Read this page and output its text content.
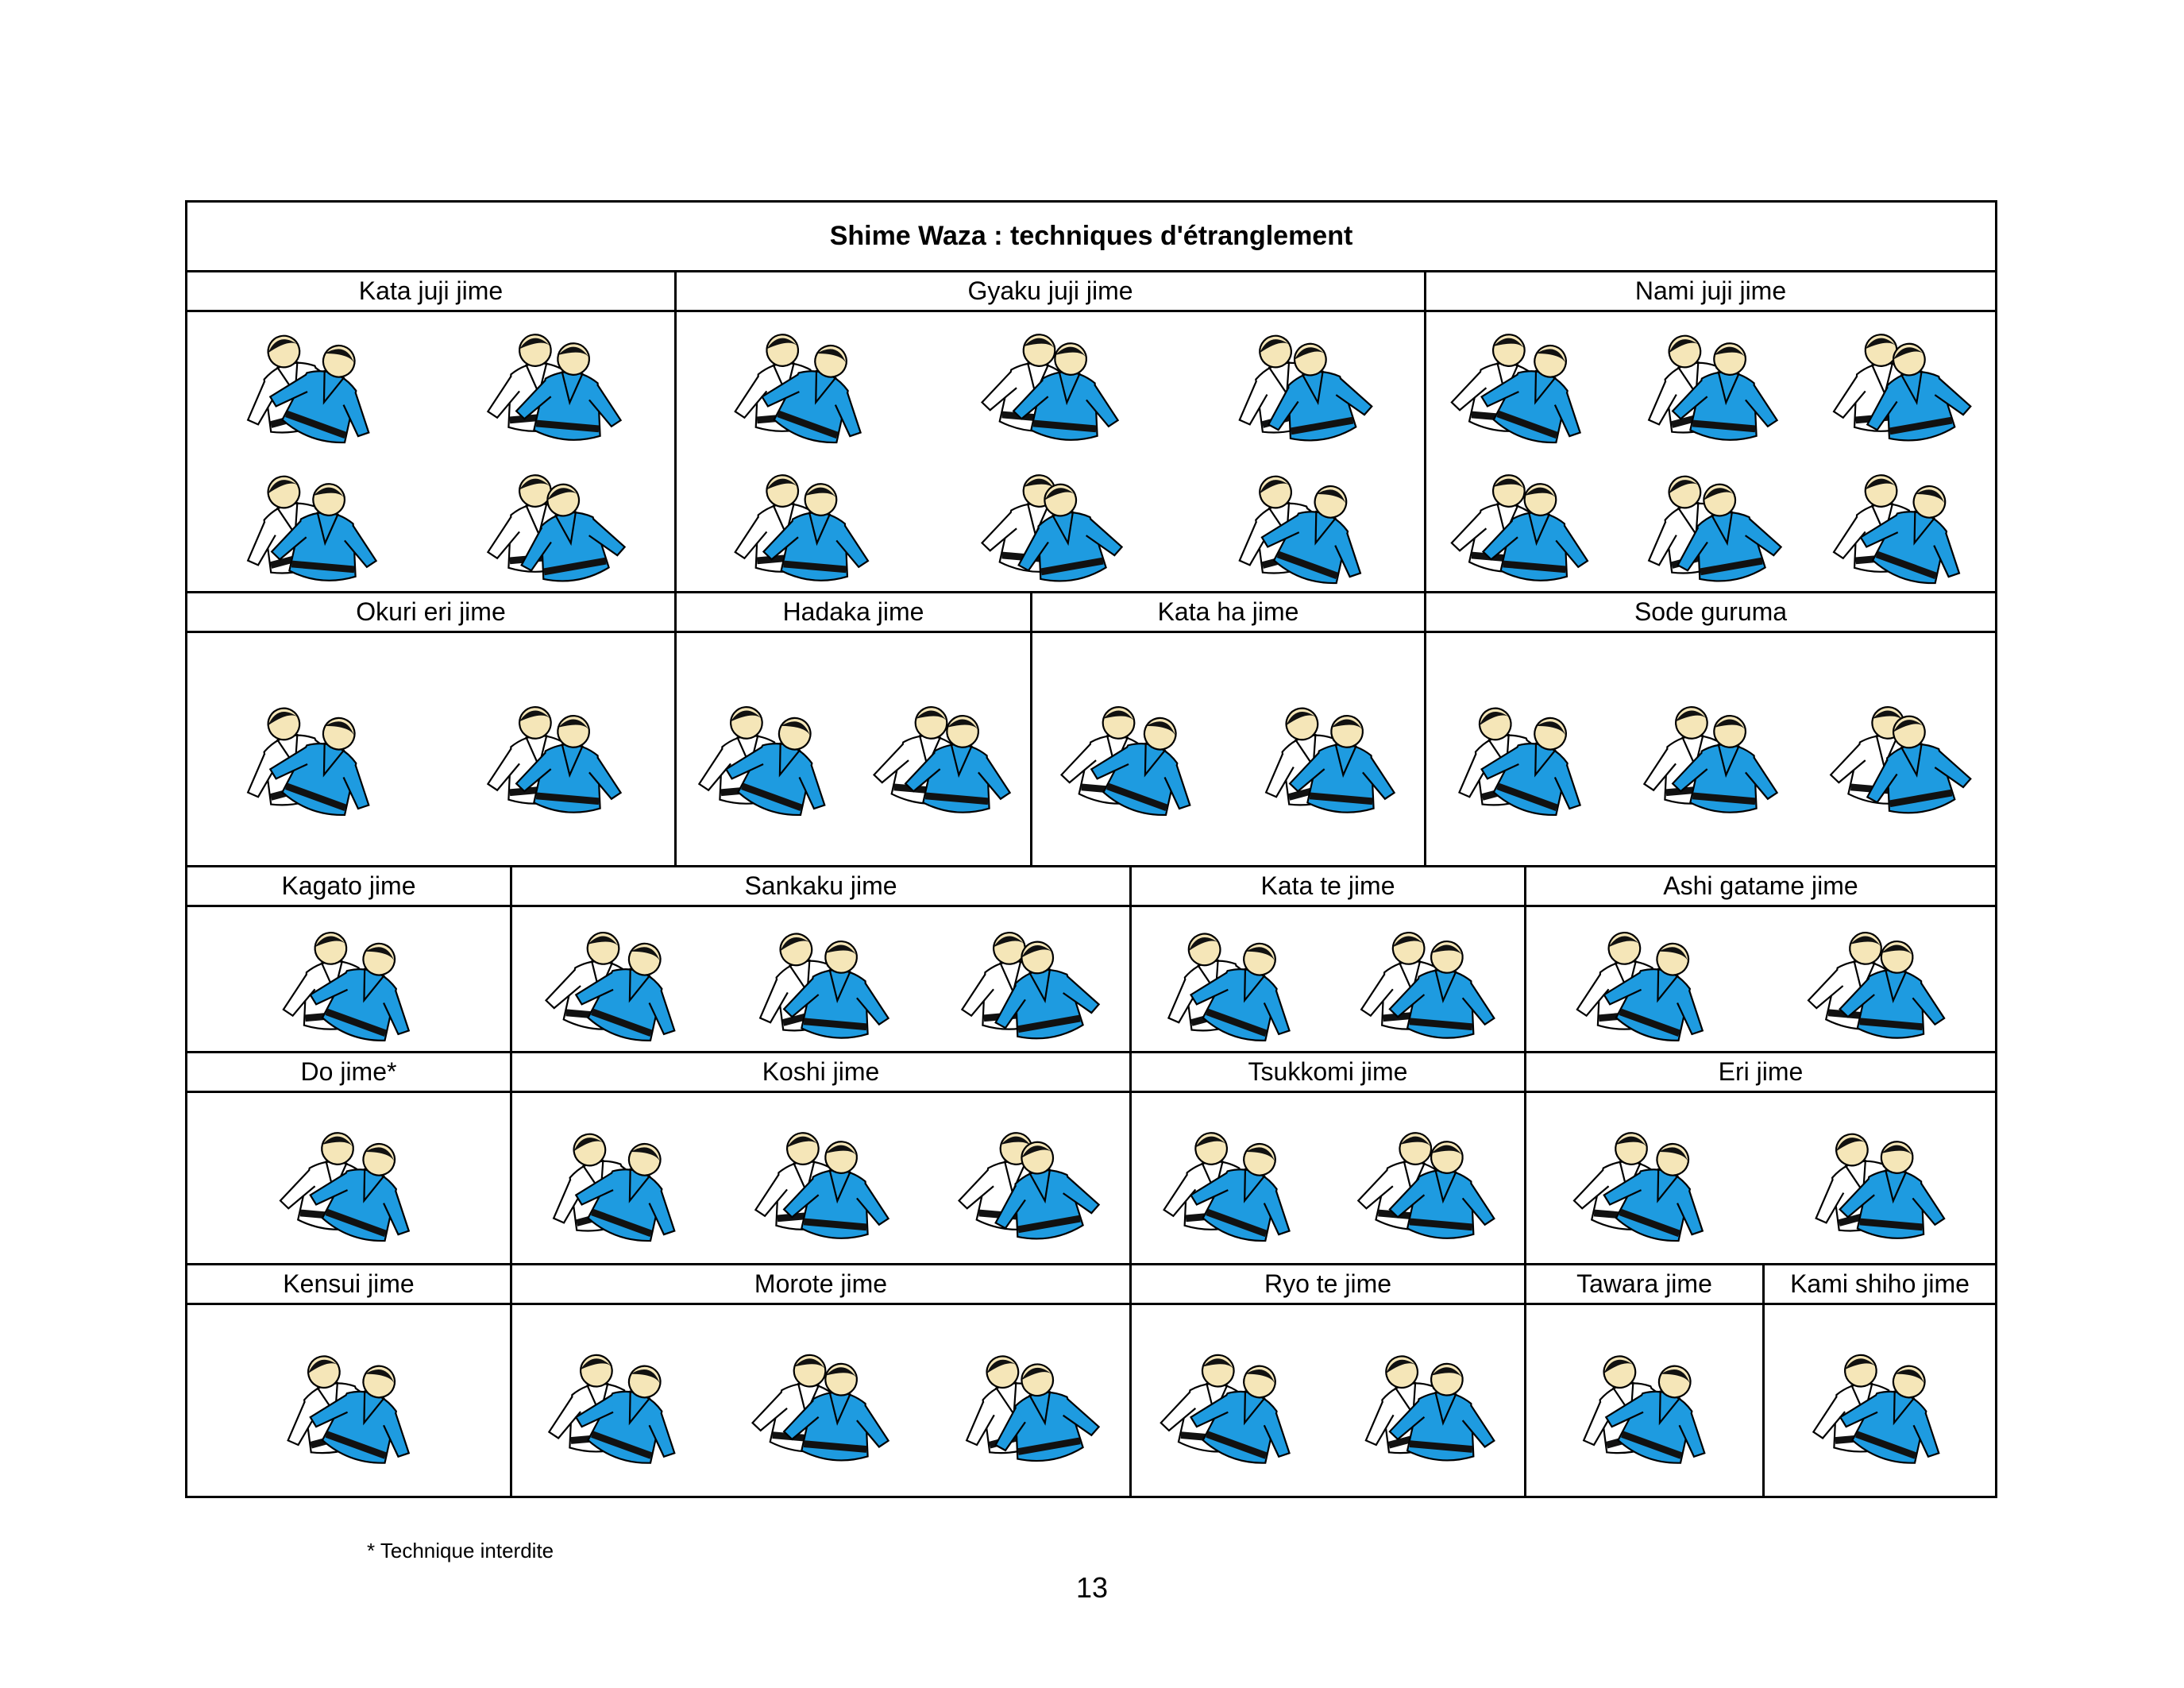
Shime Waza : techniques d'étranglement
Kata juji jime	Gyaku juji jime	Nami juji jime
Okuri eri jime	Hadaka jime	Kata ha jime	Sode guruma
Kagato jime	Sankaku jime	Kata te jime	Ashi gatame jime
Do jime*	Koshi jime	Tsukkomi jime	Eri jime
Kensui jime	Morote jime	Ryo te jime	Tawara jime	Kami shiho jime
* Technique interdite
13
